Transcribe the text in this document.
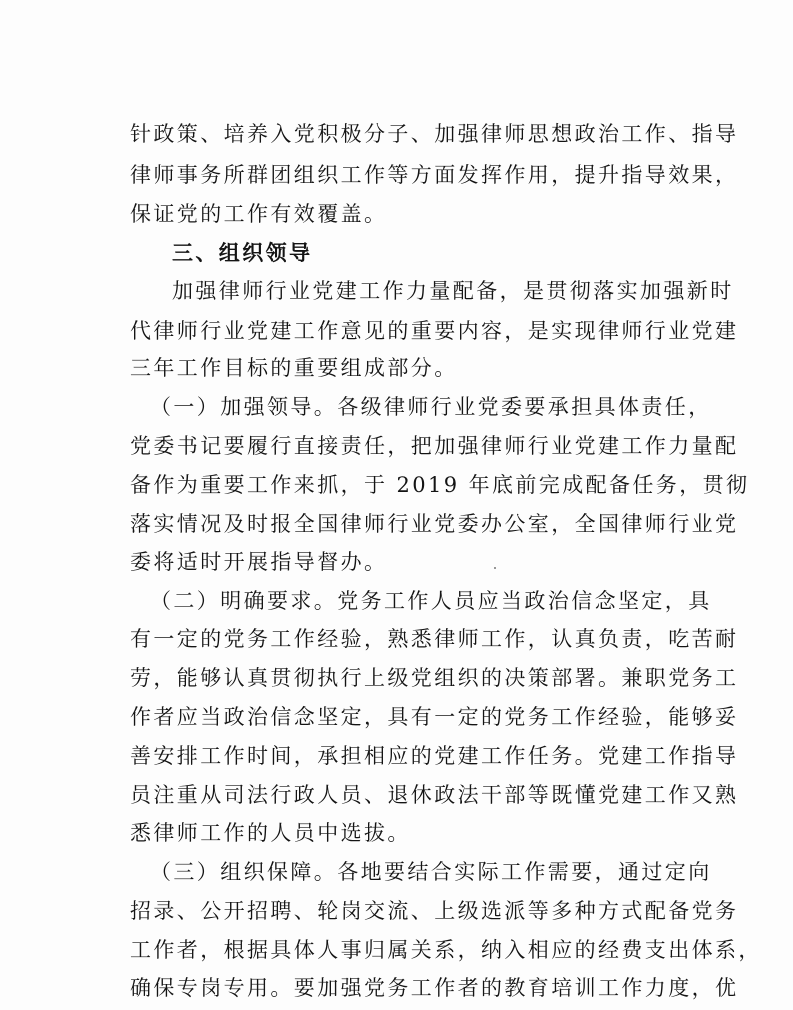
针政策、培养入党积极分子、加强律师思想政治工作、指导
律师事务所群团组织工作等方面发挥作用，提升指导效果，
保证党的工作有效覆盖。
三、组织领导
加强律师行业党建工作力量配备，是贯彻落实加强新时
代律师行业党建工作意见的重要内容，是实现律师行业党建
三年工作目标的重要组成部分。
（一）加强领导。各级律师行业党委要承担具体责任，
党委书记要履行直接责任，把加强律师行业党建工作力量配
备作为重要工作来抓，于 2019 年底前完成配备任务，贯彻
落实情况及时报全国律师行业党委办公室，全国律师行业党
委将适时开展指导督办。
（二）明确要求。党务工作人员应当政治信念坚定，具
有一定的党务工作经验，熟悉律师工作，认真负责，吃苦耐
劳，能够认真贯彻执行上级党组织的决策部署。兼职党务工
作者应当政治信念坚定，具有一定的党务工作经验，能够妥
善安排工作时间，承担相应的党建工作任务。党建工作指导
员注重从司法行政人员、退休政法干部等既懂党建工作又熟
悉律师工作的人员中选拔。
（三）组织保障。各地要结合实际工作需要，通过定向
招录、公开招聘、轮岗交流、上级选派等多种方式配备党务
工作者，根据具体人事归属关系，纳入相应的经费支出体系，
确保专岗专用。要加强党务工作者的教育培训工作力度，优
